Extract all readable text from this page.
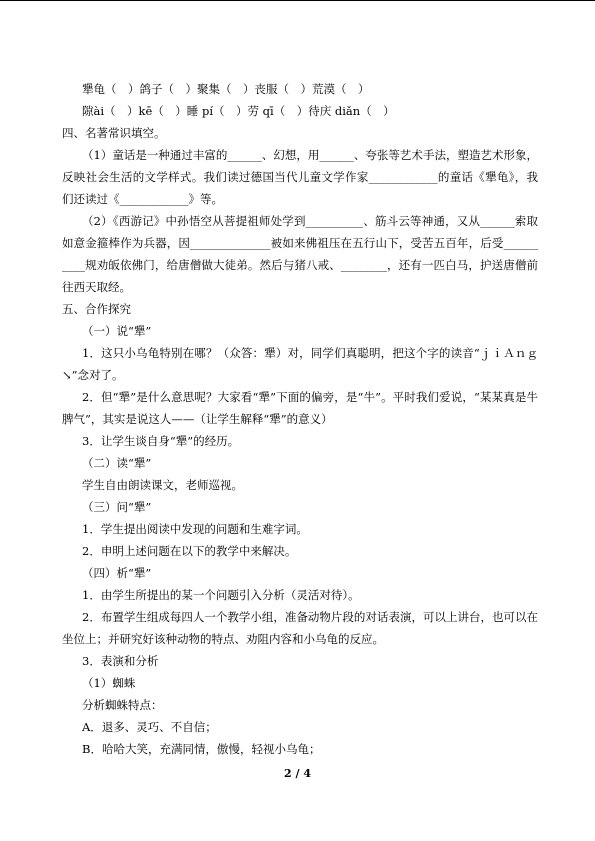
犟龟（　）鸽子（　）聚集（　）丧服（　）荒漠（　）
隙ài（　）kē（　）睡 pí（　）劳 qī（　）待庆 diǎn（　）
四、名著常识填空。
（1）童话是一种通过丰富的______、幻想，用______、夸张等艺术手法，塑造艺术形象，反映社会生活的文学样式。我们读过德国当代儿童文学作家____________的童话《犟龟》，我们还读过《____________》等。
（2）《西游记》中孙悟空从菩提祖师处学到__________、筋斗云等神通，又从______索取如意金箍棒作为兵器，因______________被如来佛祖压在五行山下，受苦五百年，后受__________规劝皈依佛门，给唐僧做大徒弟。然后与猪八戒、________，还有一匹白马，护送唐僧前往西天取经。
五、合作探究
（一）说“犟”
1．这只小乌龟特别在哪？（众答：犟）对，同学们真聪明，把这个字的读音“ｊｉＡｎｇ↘”念对了。
2．但“犟”是什么意思呢？大家看“犟”下面的偏旁，是“牛”。平时我们爱说，“某某真是牛脾气”，其实是说这人——（让学生解释“犟”的意义）
3．让学生谈自身“犟”的经历。
（二）读“犟”
学生自由朗读课文，老师巡视。
（三）问“犟”
1．学生提出阅读中发现的问题和生难字词。
2．申明上述问题在以下的教学中来解决。
（四）析“犟”
1．由学生所提出的某一个问题引入分析（灵活对待）。
2．布置学生组成每四人一个教学小组，准备动物片段的对话表演，可以上讲台，也可以在坐位上；并研究好该种动物的特点、劝阻内容和小乌龟的反应。
3．表演和分析
（1）蜘蛛
分析蜘蛛特点：
A．退多、灵巧、不自信；
B．哈哈大笑，充满同情，傲慢，轻视小乌龟；
2 / 4
